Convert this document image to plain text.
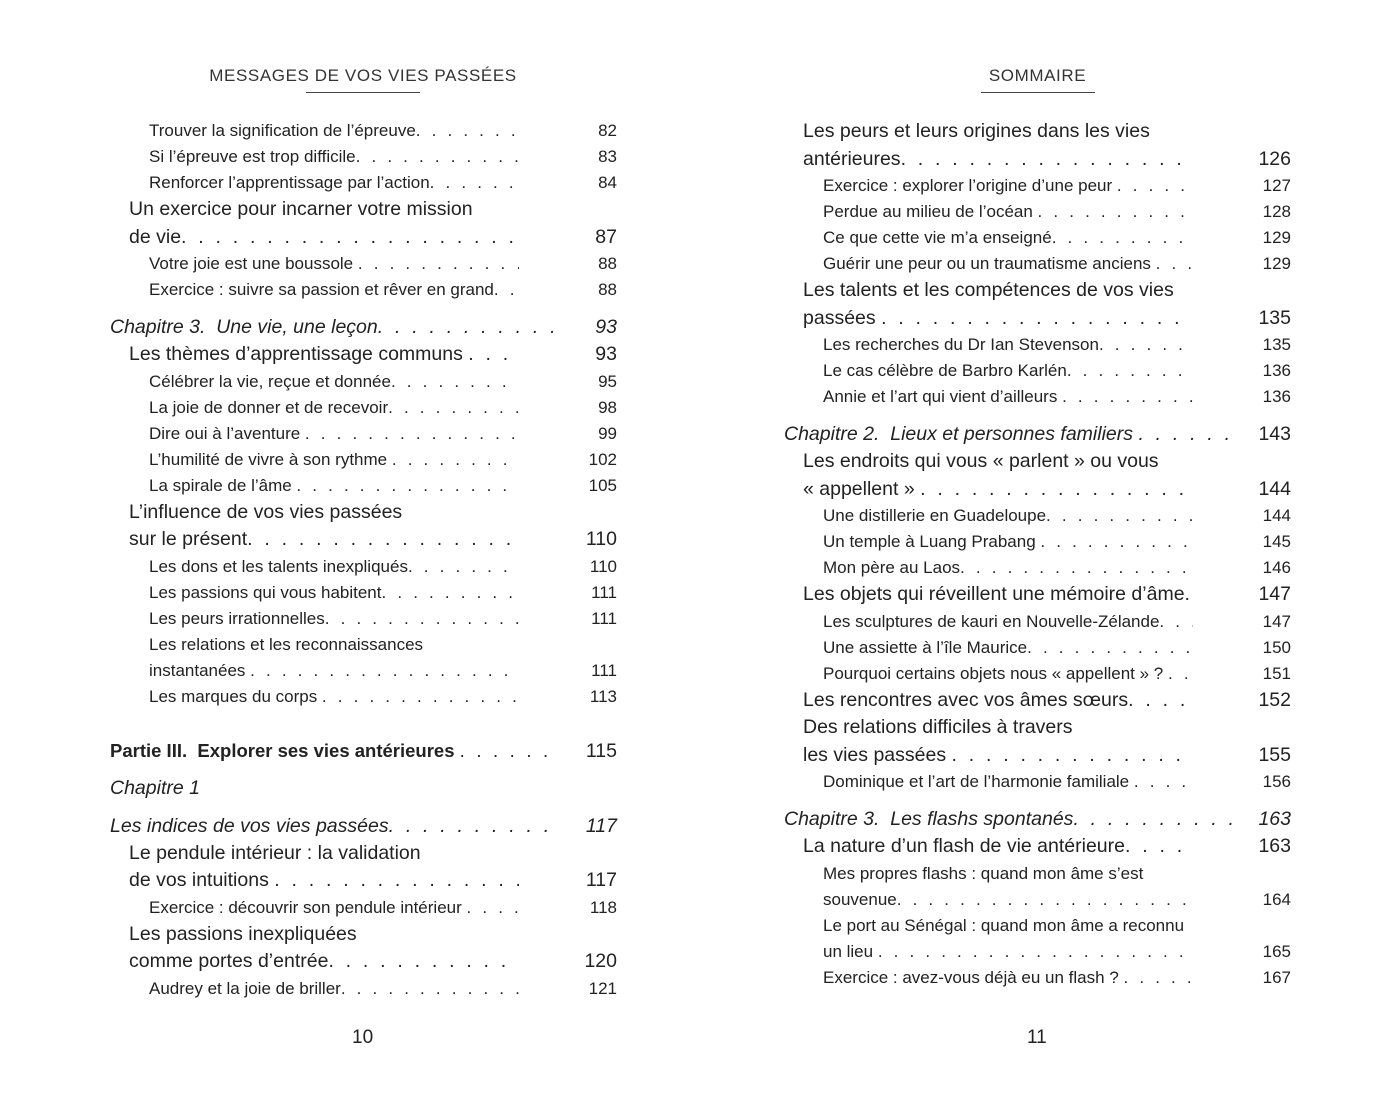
MESSAGES DE VOS VIES PASSÉES
Trouver la signification de l’épreuve . . .	82
Si l’épreuve est trop difficile . . .	83
Renforcer l’apprentissage par l’action . . .	84
Un exercice pour incarner votre mission
de vie . . .	87
Votre joie est une boussole . . .	88
Exercice : suivre sa passion et rêver en grand . . .	88
Chapitre 3.  Une vie, une leçon . . .	93
Les thèmes d’apprentissage communs . . .	93
Célébrer la vie, reçue et donnée . . .	95
La joie de donner et de recevoir . . .	98
Dire oui à l’aventure . . .	99
L’humilité de vivre à son rythme . . .	102
La spirale de l’âme . . .	105
L’influence de vos vies passées
sur le présent . . .	110
Les dons et les talents inexpliqués . . .	110
Les passions qui vous habitent . . .	111
Les peurs irrationnelles . . .	111
Les relations et les reconnaissances
instantanées . . .	111
Les marques du corps . . .	113
Partie III.  Explorer ses vies antérieures . . .	115
Chapitre 1
Les indices de vos vies passées . . .	117
Le pendule intérieur : la validation
de vos intuitions . . .	117
Exercice : découvrir son pendule intérieur . . .	118
Les passions inexpliquées
comme portes d’entrée . . .	120
Audrey et la joie de briller . . .	121
10
SOMMAIRE
Les peurs et leurs origines dans les vies
antérieures . . .	126
Exercice : explorer l’origine d’une peur . . .	127
Perdue au milieu de l’océan . . .	128
Ce que cette vie m’a enseigné . . .	129
Guérir une peur ou un traumatisme anciens . . .	129
Les talents et les compétences de vos vies
passées . . .	135
Les recherches du Dr Ian Stevenson . . .	135
Le cas célèbre de Barbro Karlén . . .	136
Annie et l’art qui vient d’ailleurs . . .	136
Chapitre 2.  Lieux et personnes familiers . . .	143
Les endroits qui vous « parlent » ou vous
« appellent » . . .	144
Une distillerie en Guadeloupe . . .	144
Un temple à Luang Prabang . . .	145
Mon père au Laos . . .	146
Les objets qui réveillent une mémoire d’âme . . .	147
Les sculptures de kauri en Nouvelle-Zélande . . .	147
Une assiette à l’île Maurice . . .	150
Pourquoi certains objets nous « appellent » ? . . .	151
Les rencontres avec vos âmes sœurs . . .	152
Des relations difficiles à travers
les vies passées . . .	155
Dominique et l’art de l’harmonie familiale . . .	156
Chapitre 3.  Les flashs spontanés . . .	163
La nature d’un flash de vie antérieure . . .	163
Mes propres flashs : quand mon âme s’est
souvenue . . .	164
Le port au Sénégal : quand mon âme a reconnu
un lieu . . .	165
Exercice : avez-vous déjà eu un flash ? . . .	167
11
